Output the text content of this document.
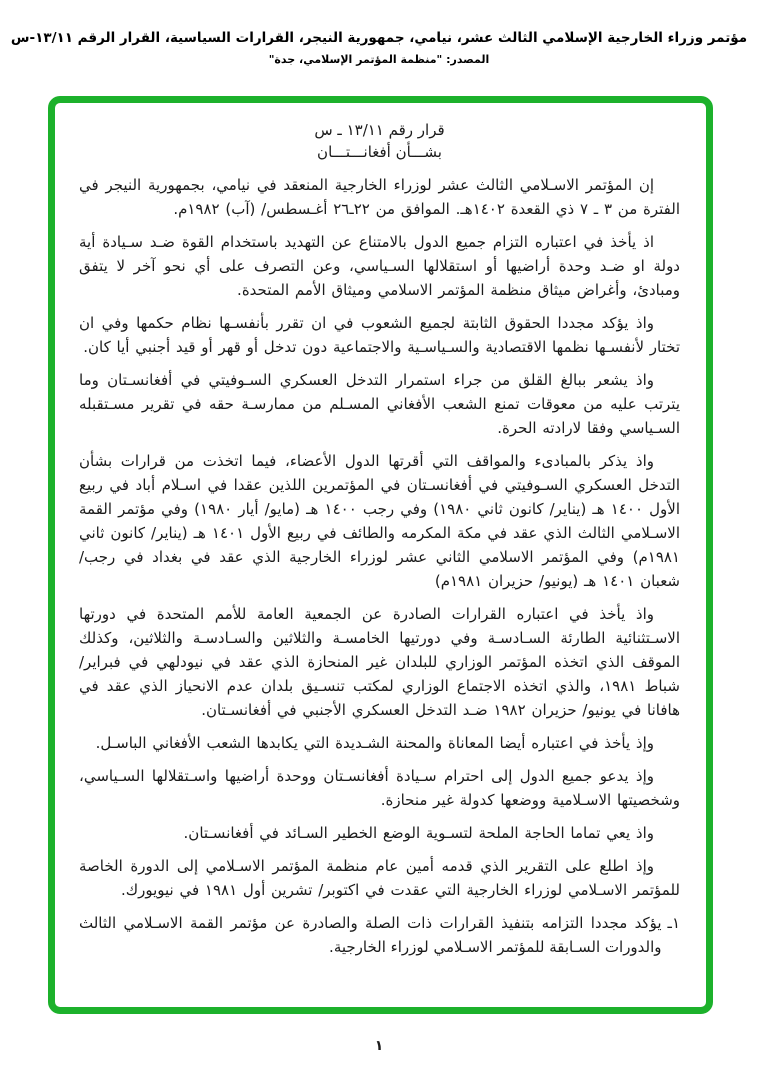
مؤتمر وزراء الخارجية الإسلامي الثالث عشر، نيامي، جمهورية النيجر، القرارات السياسية، القرار الرقم ١٣/١١-س
المصدر: "منظمة المؤتمر الإسلامي، جدة"
قرار رقم ١٣/١١ ـ س
بشـــأن أفغانـــتـــان

إن المؤتمر الاسـلامي الثالث عشر لوزراء الخارجية المنعقد في نيامي، بجمهورية النيجر في الفترة من ٣ ـ ٧ ذي القعدة ١٤٠٢هـ. الموافق من ٢٢ـ٢٦ أغـسطس/ (آب) ١٩٨٢م.

اذ يأخذ في اعتباره التزام جميع الدول بالامتناع عن التهديد باستخدام القوة ضـد سـيادة أية دولة او ضـد وحدة أراضيها أو استقلالها السـياسي، وعن التصرف على أي نحو آخر لا يتفق ومبادئ، وأغراض ميثاق منظمة المؤتمر الاسلامي وميثاق الأمم المتحدة.

واذ يؤكد مجددا الحقوق الثابتة لجميع الشعوب في ان تقرر بأنفسـها نظام حكمها وفي ان تختار لأنفسـها نظمها الاقتصادية والسـياسـية والاجتماعية دون تدخل أو قهر أو قيد أجنبي أيا كان.

واذ يشعر ببالغ القلق من جراء استمرار التدخل العسكري السـوفيتي في أفغانسـتان وما يترتب عليه من معوقات تمنع الشعب الأفغاني المسـلم من ممارسـة حقه في تقرير مسـتقبله السـياسي وفقا لارادته الحرة.

واذ يذكر بالمبادىء والمواقف التي أقرتها الدول الأعضاء، فيما اتخذت من قرارات بشأن التدخل العسكري السـوفيتي في أفغانسـتان في المؤتمرين اللذين عقدا في اسـلام أباد في ربيع الأول ١٤٠٠ هـ (يناير/ كانون ثاني ١٩٨٠) وفي رجب ١٤٠٠ هـ (مايو/ أيار ١٩٨٠) وفي مؤتمر القمة الاسـلامي الثالث الذي عقد في مكة المكرمه والطائف في ربيع الأول ١٤٠١ هـ (يناير/ كانون ثاني ١٩٨١م) وفي المؤتمر الاسلامي الثاني عشر لوزراء الخارجية الذي عقد في بغداد في رجب/ شعبان ١٤٠١ هـ (يونيو/ حزيران ١٩٨١م)

واذ يأخذ في اعتباره القرارات الصادرة عن الجمعية العامة للأمم المتحدة في دورتها الاسـتثنائية الطارئة السـادسـة وفي دورتيها الخامسـة والثلاثين والسـادسـة والثلاثين، وكذلك الموقف الذي اتخذه المؤتمر الوزاري للبلدان غير المنحازة الذي عقد في نيودلهي في فبراير/ شباط ١٩٨١، والذي اتخذه الاجتماع الوزاري لمكتب تنسـيق بلدان عدم الانحياز الذي عقد في هافانا في يونيو/ حزيران ١٩٨٢ ضـد التدخل العسكري الأجنبي في أفغانسـتان.

وإذ يأخذ في اعتباره أيضا المعاناة والمحنة الشـديدة التي يكابدها الشعب الأفغاني الباسـل.

وإذ يدعو جميع الدول إلى احترام سـيادة أفغانسـتان ووحدة أراضيها واسـتقلالها السـياسي، وشخصيتها الاسـلامية ووضعها كدولة غير منحازة.

واذ يعي تماما الحاجة الملحة لتسـوية الوضع الخطير السـائد في أفغانسـتان.

وإذ اطلع على التقرير الذي قدمه أمين عام منظمة المؤتمر الاسـلامي إلى الدورة الخاصة للمؤتمر الاسـلامي لوزراء الخارجية التي عقدت في اكتوبر/ تشرين أول ١٩٨١ في نيويورك.

١ـ
يؤكد مجددا التزامه بتنفيذ القرارات ذات الصلة والصادرة عن مؤتمر القمة الاسـلامي الثالث والدورات السـابقة للمؤتمر الاسـلامي لوزراء الخارجية.
١
